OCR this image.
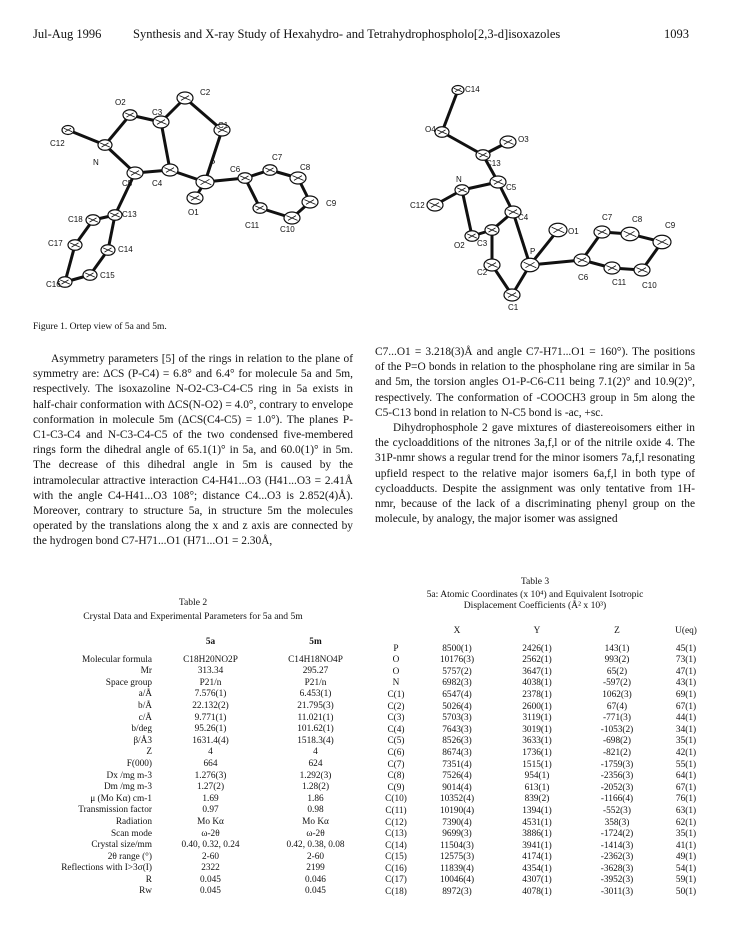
Jul-Aug 1996	Synthesis and X-ray Study of Hexahydro- and Tetrahydrophospholo[2,3-d]isoxazoles	1093
O2
C2
C3
C1
C12
N
C5 C4
P
C6
C7
C8
O1
C9
C18
C13
C11	C10
C17
C14
C15
C16
C14
O4
O3
C13
C5
N
C12
C4
O2 C3
O1
C7 C8
C9
C2
P
C6
C11 C10
C1
Figure 1. Ortep view of 5a and 5m.

Asymmetry parameters [5] of the rings in relation to the plane of symmetry are: ΔCS (P-C4) = 6.8° and 6.4° for molecule 5a and 5m, respectively. The isoxazoline N-O2-C3-C4-C5 ring in 5a exists in half-chair conformation with ΔCS(N-O2) = 4.0°, contrary to envelope conformation in molecule 5m (ΔCS(C4-C5) = 1.0°). The planes P-C1-C3-C4 and N-C3-C4-C5 of the two condensed five-membered rings form the dihedral angle of 65.1(1)° in 5a, and 60.0(1)° in 5m. The decrease of this dihedral angle in 5m is caused by the intramolecular attractive interaction C4-H41...O3 (H41...O3 = 2.41Å with the angle C4-H41...O3 108°; distance C4...O3 is 2.852(4)Å). Moreover, contrary to structure 5a, in structure 5m the molecules operated by the translations along the x and z axis are connected by the hydrogen bond C7-H71...O1 (H71...O1 = 2.30Å,

C7...O1 = 3.218(3)Å and angle C7-H71...O1 = 160°). The positions of the P=O bonds in relation to the phospholane ring are similar in 5a and 5m, the torsion angles O1-P-C6-C11 being 7.1(2)° and 10.9(2)°, respectively. The conformation of -COOCH3 group in 5m along the C5-C13 bond in relation to N-C5 bond is -ac, +sc.

Dihydrophosphole 2 gave mixtures of diastereoisomers either in the cycloadditions of the nitrones 3a,f,l or of the nitrile oxide 4. The 31P-nmr shows a regular trend for the minor isomers 7a,f,l resonating upfield respect to the relative major isomers 6a,f,l in both type of cycloadducts. Despite the assignment was only tentative from 1H-nmr, because of the lack of a discriminating phenyl group on the molecule, by analogy, the major isomer was assigned

Table 2
Crystal Data and Experimental Parameters for 5a and 5m
	5a	5m

Molecular formula	C18H20NO2P	C14H18NO4P
Mr	313.34	295.27
Space group	P21/n	P21/n
a/Å	7.576(1)	6.453(1)
b/Å	22.132(2)	21.795(3)
c/Å	9.771(1)	11.021(1)
b/deg	95.26(1)	101.62(1)
β/Å3	1631.4(4)	1518.3(4)
Z	4	4
F(000)	664	624
Dx /mg m-3	1.276(3)	1.292(3)
Dm /mg m-3	1.27(2)	1.28(2)
μ (Mo Kα) cm-1	1.69	1.86
Transmission factor	0.97	0.98
Radiation	Mo Kα	Mo Kα
Scan mode	ω-2θ	ω-2θ
Crystal size/mm	0.40, 0.32, 0.24	0.42, 0.38, 0.08
2θ range (°)	2-60	2-60
Reflections with I>3σ(I)	2322	2199
R	0.045	0.046
Rw	0.045	0.045
Table 3
5a: Atomic Coordinates (x 10⁴) and Equivalent Isotropic
Displacement Coefficients (Å² x 10³)
	X	Y	Z	U(eq)

P	8500(1)	2426(1)	143(1)	45(1)
O	10176(3)	2562(1)	993(2)	73(1)
O	5757(2)	3647(1)	65(2)	47(1)
N	6982(3)	4038(1)	-597(2)	43(1)
C(1)	6547(4)	2378(1)	1062(3)	69(1)
C(2)	5026(4)	2600(1)	67(4)	67(1)
C(3)	5703(3)	3119(1)	-771(3)	44(1)
C(4)	7643(3)	3019(1)	-1053(2)	34(1)
C(5)	8526(3)	3633(1)	-698(2)	35(1)
C(6)	8674(3)	1736(1)	-821(2)	42(1)
C(7)	7351(4)	1515(1)	-1759(3)	55(1)
C(8)	7526(4)	954(1)	-2356(3)	64(1)
C(9)	9014(4)	613(1)	-2052(3)	67(1)
C(10)	10352(4)	839(2)	-1166(4)	76(1)
C(11)	10190(4)	1394(1)	-552(3)	63(1)
C(12)	7390(4)	4531(1)	358(3)	62(1)
C(13)	9699(3)	3886(1)	-1724(2)	35(1)
C(14)	11504(3)	3941(1)	-1414(3)	41(1)
C(15)	12575(3)	4174(1)	-2362(3)	49(1)
C(16)	11839(4)	4354(1)	-3628(3)	54(1)
C(17)	10046(4)	4307(1)	-3952(3)	59(1)
C(18)	8972(3)	4078(1)	-3011(3)	50(1)
